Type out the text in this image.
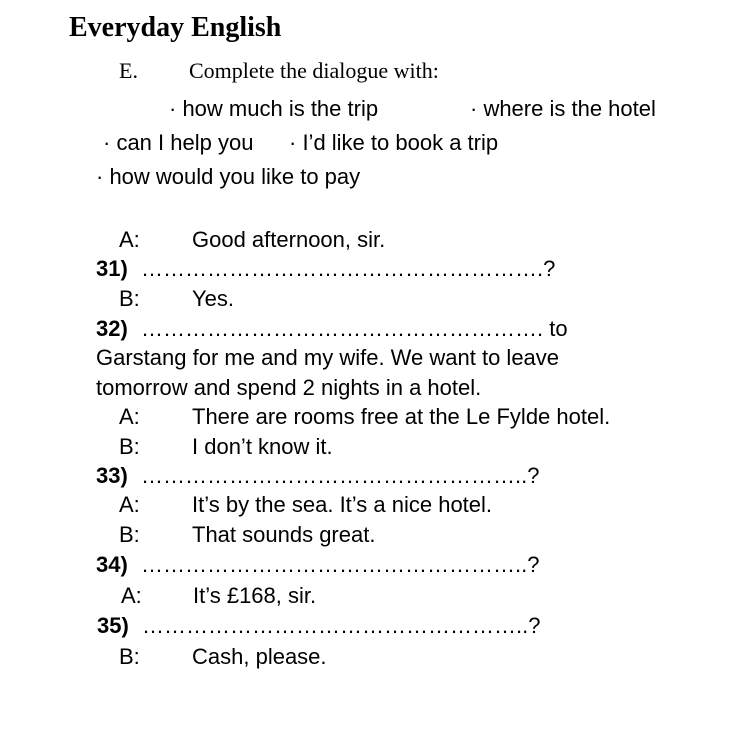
Everyday English
E. Complete the dialogue with:
· how much is the trip	· where is the hotel
· can I help you · I’d like to book a trip
· how would you like to pay
A: Good afternoon, sir.
31) ……………………………………………….?
B: Yes.
32) ………………………………………………. to
Garstang for me and my wife. We want to leave
tomorrow and spend 2 nights in a hotel.
A: There are rooms free at the Le Fylde hotel.
B: I don’t know it.
33) ……………………………………………..?
A: It’s by the sea. It’s a nice hotel.
B: That sounds great.
34) ……………………………………………..?
A: It’s £168, sir.
35) ……………………………………………..?
B: Cash, please.
